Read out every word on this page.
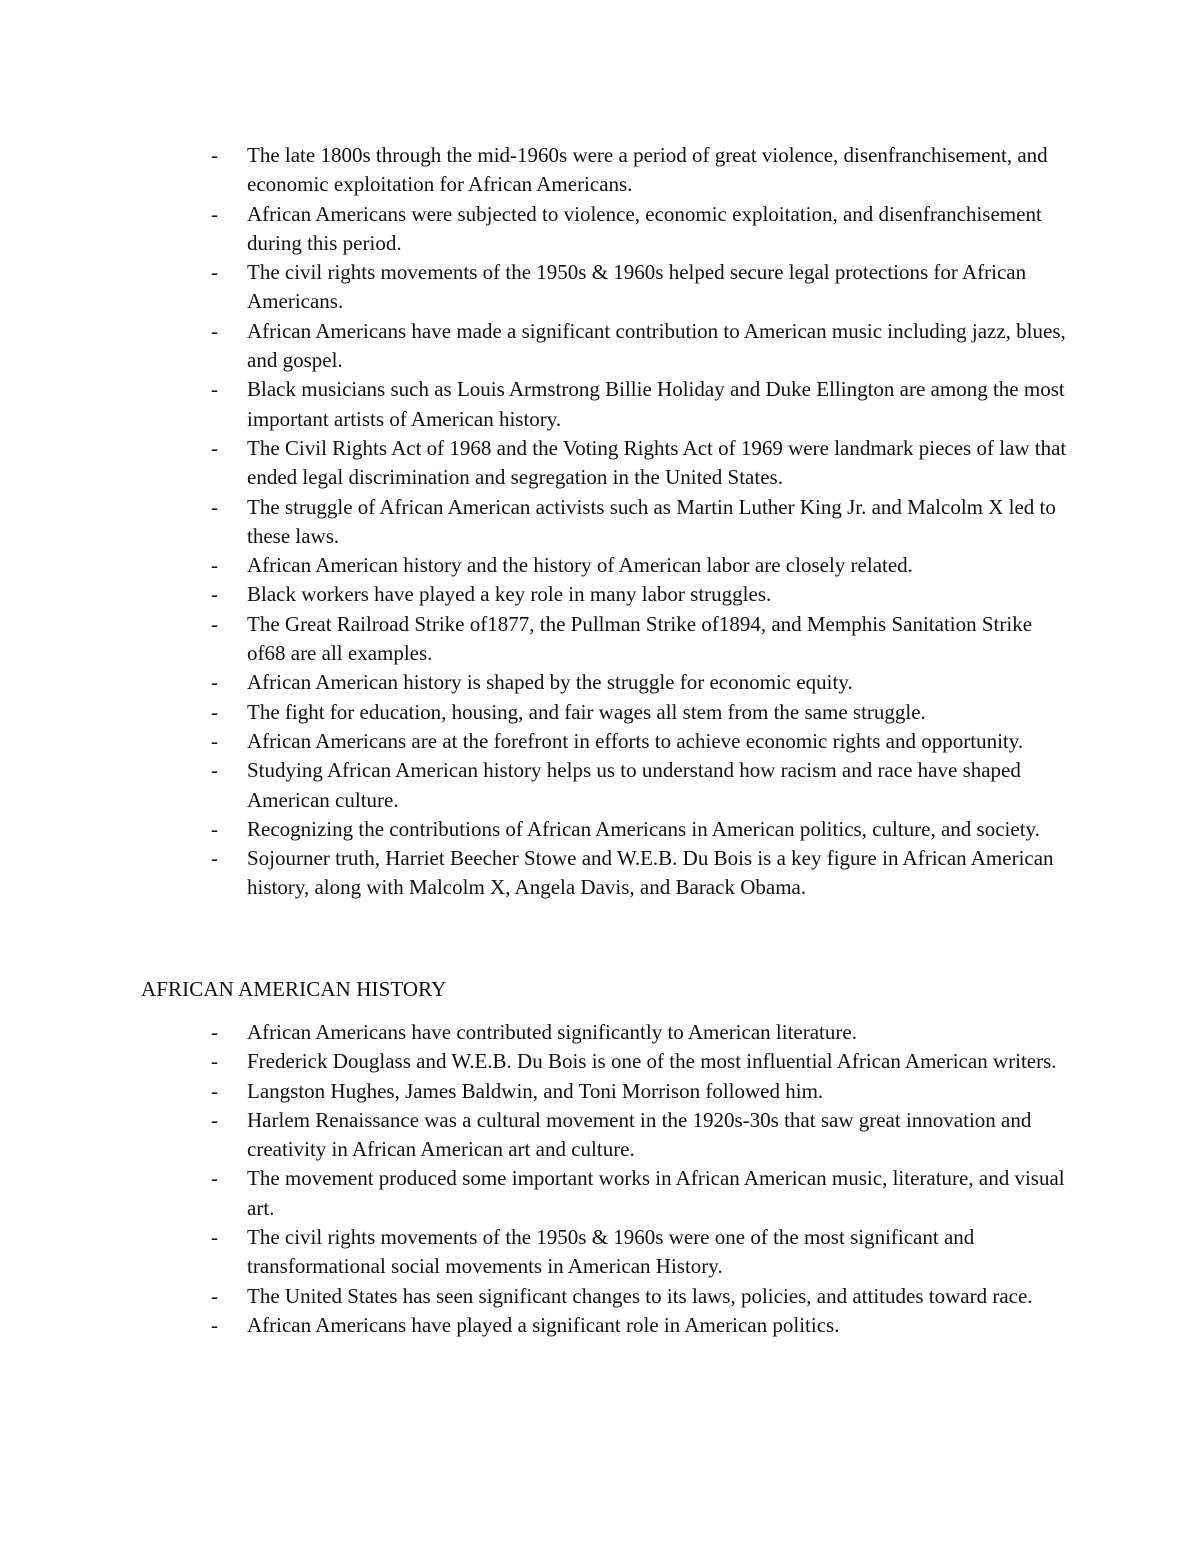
- The late 1800s through the mid-1960s were a period of great violence, disenfranchisement, and economic exploitation for African Americans.
- African Americans were subjected to violence, economic exploitation, and disenfranchisement during this period.
- The civil rights movements of the 1950s & 1960s helped secure legal protections for African Americans.
- African Americans have made a significant contribution to American music including jazz, blues, and gospel.
- Black musicians such as Louis Armstrong Billie Holiday and Duke Ellington are among the most important artists of American history.
- The Civil Rights Act of 1968 and the Voting Rights Act of 1969 were landmark pieces of law that ended legal discrimination and segregation in the United States.
- The struggle of African American activists such as Martin Luther King Jr. and Malcolm X led to these laws.
- African American history and the history of American labor are closely related.
- Black workers have played a key role in many labor struggles.
- The Great Railroad Strike of1877, the Pullman Strike of1894, and Memphis Sanitation Strike of68 are all examples.
- African American history is shaped by the struggle for economic equity.
- The fight for education, housing, and fair wages all stem from the same struggle.
- African Americans are at the forefront in efforts to achieve economic rights and opportunity.
- Studying African American history helps us to understand how racism and race have shaped American culture.
- Recognizing the contributions of African Americans in American politics, culture, and society.
- Sojourner truth, Harriet Beecher Stowe and W.E.B. Du Bois is a key figure in African American history, along with Malcolm X, Angela Davis, and Barack Obama.
AFRICAN AMERICAN HISTORY
- African Americans have contributed significantly to American literature.
- Frederick Douglass and W.E.B. Du Bois is one of the most influential African American writers.
- Langston Hughes, James Baldwin, and Toni Morrison followed him.
- Harlem Renaissance was a cultural movement in the 1920s-30s that saw great innovation and creativity in African American art and culture.
- The movement produced some important works in African American music, literature, and visual art.
- The civil rights movements of the 1950s & 1960s were one of the most significant and transformational social movements in American History.
- The United States has seen significant changes to its laws, policies, and attitudes toward race.
- African Americans have played a significant role in American politics.
